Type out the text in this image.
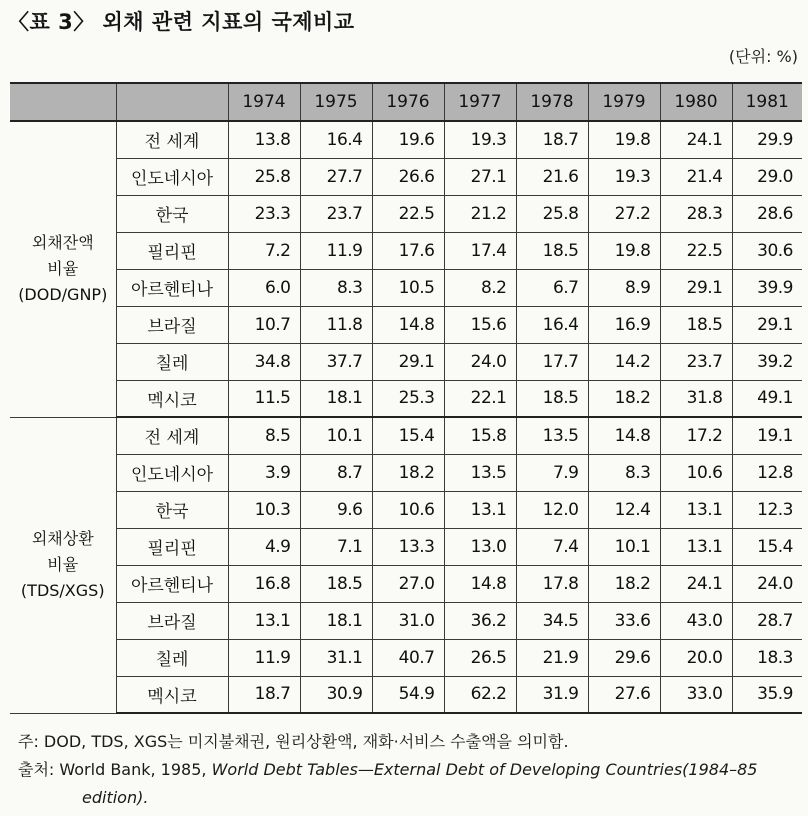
〈표 3〉 외채 관련 지표의 국제비교
(단위: %)
		1974	1975	1976	1977	1978	1979	1980	1981

외채잔액
비율
(DOD/GNP)	전 세계	13.8	16.4	19.6	19.3	18.7	19.8	24.1	29.9
	인도네시아	25.8	27.7	26.6	27.1	21.6	19.3	21.4	29.0
	한국	23.3	23.7	22.5	21.2	25.8	27.2	28.3	28.6
	필리핀	7.2	11.9	17.6	17.4	18.5	19.8	22.5	30.6
	아르헨티나	6.0	8.3	10.5	8.2	6.7	8.9	29.1	39.9
	브라질	10.7	11.8	14.8	15.6	16.4	16.9	18.5	29.1
	칠레	34.8	37.7	29.1	24.0	17.7	14.2	23.7	39.2
	멕시코	11.5	18.1	25.3	22.1	18.5	18.2	31.8	49.1

외채상환
비율
(TDS/XGS)	전 세계	8.5	10.1	15.4	15.8	13.5	14.8	17.2	19.1
	인도네시아	3.9	8.7	18.2	13.5	7.9	8.3	10.6	12.8
	한국	10.3	9.6	10.6	13.1	12.0	12.4	13.1	12.3
	필리핀	4.9	7.1	13.3	13.0	7.4	10.1	13.1	15.4
	아르헨티나	16.8	18.5	27.0	14.8	17.8	18.2	24.1	24.0
	브라질	13.1	18.1	31.0	36.2	34.5	33.6	43.0	28.7
	칠레	11.9	31.1	40.7	26.5	21.9	29.6	20.0	18.3
	멕시코	18.7	30.9	54.9	62.2	31.9	27.6	33.0	35.9
주: DOD, TDS, XGS는 미지불채권, 원리상환액, 재화·서비스 수출액을 의미함.
출처: World Bank, 1985, World Debt Tables—External Debt of Developing Countries(1984–85
edition).
